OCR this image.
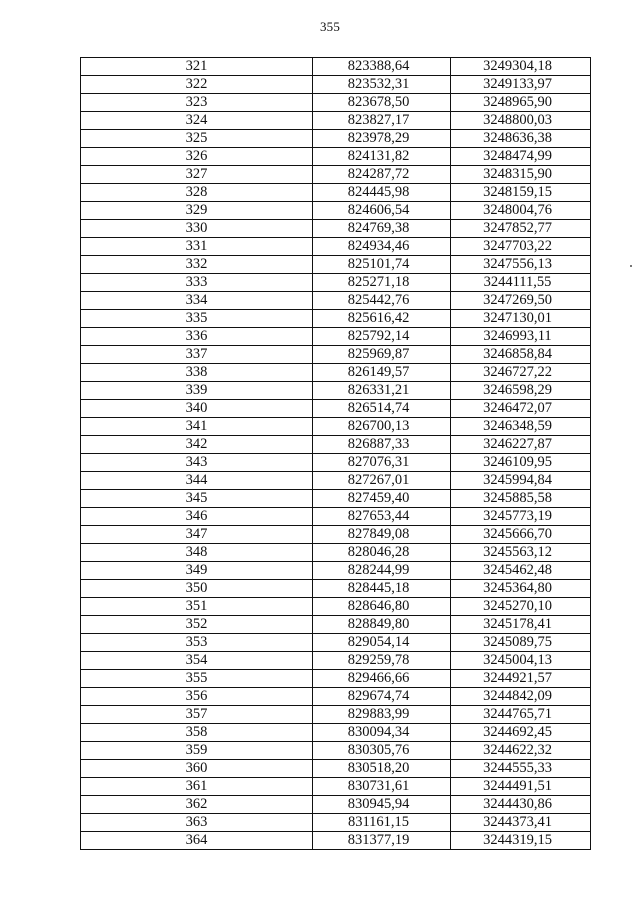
355
321	823388,64	3249304,18
322	823532,31	3249133,97
323	823678,50	3248965,90
324	823827,17	3248800,03
325	823978,29	3248636,38
326	824131,82	3248474,99
327	824287,72	3248315,90
328	824445,98	3248159,15
329	824606,54	3248004,76
330	824769,38	3247852,77
331	824934,46	3247703,22
332	825101,74	3247556,13
333	825271,18	3244111,55
334	825442,76	3247269,50
335	825616,42	3247130,01
336	825792,14	3246993,11
337	825969,87	3246858,84
338	826149,57	3246727,22
339	826331,21	3246598,29
340	826514,74	3246472,07
341	826700,13	3246348,59
342	826887,33	3246227,87
343	827076,31	3246109,95
344	827267,01	3245994,84
345	827459,40	3245885,58
346	827653,44	3245773,19
347	827849,08	3245666,70
348	828046,28	3245563,12
349	828244,99	3245462,48
350	828445,18	3245364,80
351	828646,80	3245270,10
352	828849,80	3245178,41
353	829054,14	3245089,75
354	829259,78	3245004,13
355	829466,66	3244921,57
356	829674,74	3244842,09
357	829883,99	3244765,71
358	830094,34	3244692,45
359	830305,76	3244622,32
360	830518,20	3244555,33
361	830731,61	3244491,51
362	830945,94	3244430,86
363	831161,15	3244373,41
364	831377,19	3244319,15
